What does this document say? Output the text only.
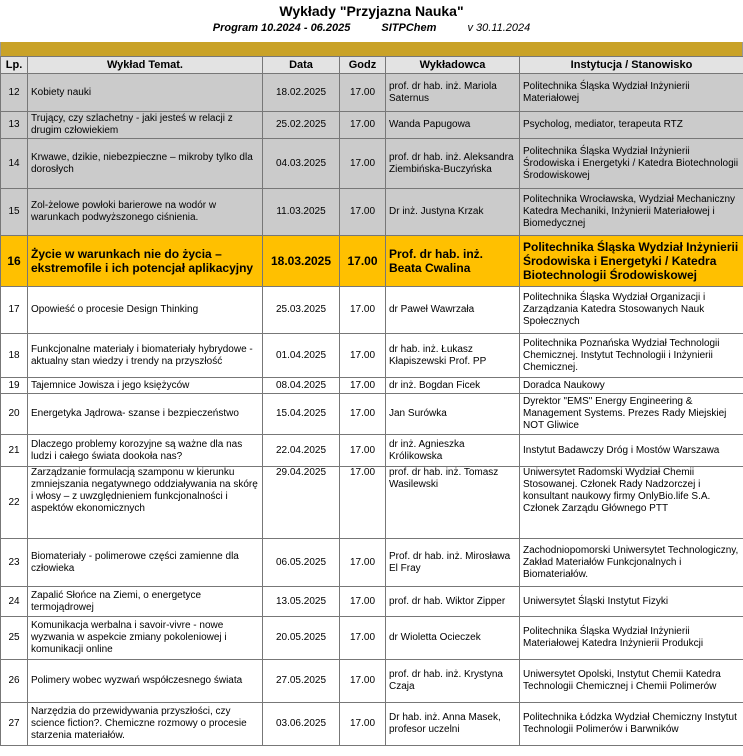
Wykłady "Przyjazna Nauka"
Program 10.2024 - 06.2025	SITPChem	v 30.11.2024
Lp.	Wykład Temat.	Data	Godz	Wykładowca	Instytucja / Stanowisko
12	Kobiety nauki	18.02.2025	17.00	prof. dr hab. inż. Mariola Saternus	Politechnika Śląska Wydział Inżynierii Materiałowej
13	Trujący, czy szlachetny - jaki jesteś w relacji z drugim człowiekiem	25.02.2025	17.00	Wanda Papugowa	Psycholog, mediator, terapeuta RTZ
14	Krwawe, dzikie, niebezpieczne – mikroby tylko dla dorosłych	04.03.2025	17.00	prof. dr hab. inż. Aleksandra Ziembińska-Buczyńska	Politechnika Śląska Wydział Inżynierii Środowiska i Energetyki / Katedra Biotechnologii Środowiskowej
15	Zol-żelowe powłoki barierowe na wodór w warunkach podwyższonego ciśnienia.	11.03.2025	17.00	Dr inż. Justyna Krzak	Politechnika Wrocławska, Wydział Mechaniczny Katedra Mechaniki, Inżynierii Materiałowej i Biomedycznej
16	Życie w warunkach nie do życia – ekstremofile i ich potencjał aplikacyjny	18.03.2025	17.00	Prof. dr hab. inż. Beata Cwalina	Politechnika Śląska Wydział Inżynierii Środowiska i Energetyki / Katedra Biotechnologii Środowiskowej
17	Opowieść o procesie Design Thinking	25.03.2025	17.00	dr Paweł Wawrzała	Politechnika Śląska Wydział Organizacji i Zarządzania Katedra Stosowanych Nauk Społecznych
18	Funkcjonalne materiały i biomateriały hybrydowe - aktualny stan wiedzy i trendy na przyszłość	01.04.2025	17.00	dr hab. inż. Łukasz Kłapiszewski Prof. PP	Politechnika Poznańska Wydział Technologii Chemicznej. Instytut Technologii i Inżynierii Chemicznej.
19	Tajemnice Jowisza i jego księżyców	08.04.2025	17.00	dr inż. Bogdan Ficek	Doradca Naukowy
20	Energetyka Jądrowa- szanse i bezpieczeństwo	15.04.2025	17.00	Jan Surówka	Dyrektor "EMS" Energy Engineering & Management Systems. Prezes Rady Miejskiej NOT Gliwice
21	Dlaczego problemy korozyjne są ważne dla nas ludzi i całego świata dookoła nas?	22.04.2025	17.00	dr inż. Agnieszka Królikowska	Instytut Badawczy Dróg i Mostów Warszawa
22	Zarządzanie formulacją szamponu w kierunku zmniejszania negatywnego oddziaływania na skórę i włosy – z uwzględnieniem funkcjonalności i aspektów ekonomicznych	29.04.2025	17.00	prof. dr hab. inż. Tomasz Wasilewski	Uniwersytet Radomski Wydział Chemii Stosowanej. Członek Rady Nadzorczej i konsultant naukowy firmy OnlyBio.life S.A. Członek Zarządu Głównego PTT
23	Biomateriały - polimerowe części zamienne dla człowieka	06.05.2025	17.00	Prof. dr hab. inż. Mirosława El Fray	Zachodniopomorski Uniwersytet Technologiczny, Zakład Materiałów Funkcjonalnych i Biomateriałów.
24	Zapalić Słońce na Ziemi, o energetyce termojądrowej	13.05.2025	17.00	prof. dr hab. Wiktor Zipper	Uniwersytet Śląski Instytut Fizyki
25	Komunikacja werbalna i savoir-vivre - nowe wyzwania w aspekcie zmiany pokoleniowej i komunikacji online	20.05.2025	17.00	dr Wioletta Ocieczek	Politechnika Śląska Wydział Inżynierii Materiałowej Katedra Inżynierii Produkcji
26	Polimery wobec wyzwań współczesnego świata	27.05.2025	17.00	prof. dr hab. inż. Krystyna Czaja	Uniwersytet Opolski, Instytut Chemii Katedra Technologii Chemicznej i Chemii Polimerów
27	Narzędzia do przewidywania przyszłości, czy science fiction?. Chemiczne rozmowy o procesie starzenia materiałów.	03.06.2025	17.00	Dr hab. inż. Anna Masek, profesor uczelni	Politechnika Łódzka Wydział Chemiczny Instytut Technologii Polimerów i Barwników
